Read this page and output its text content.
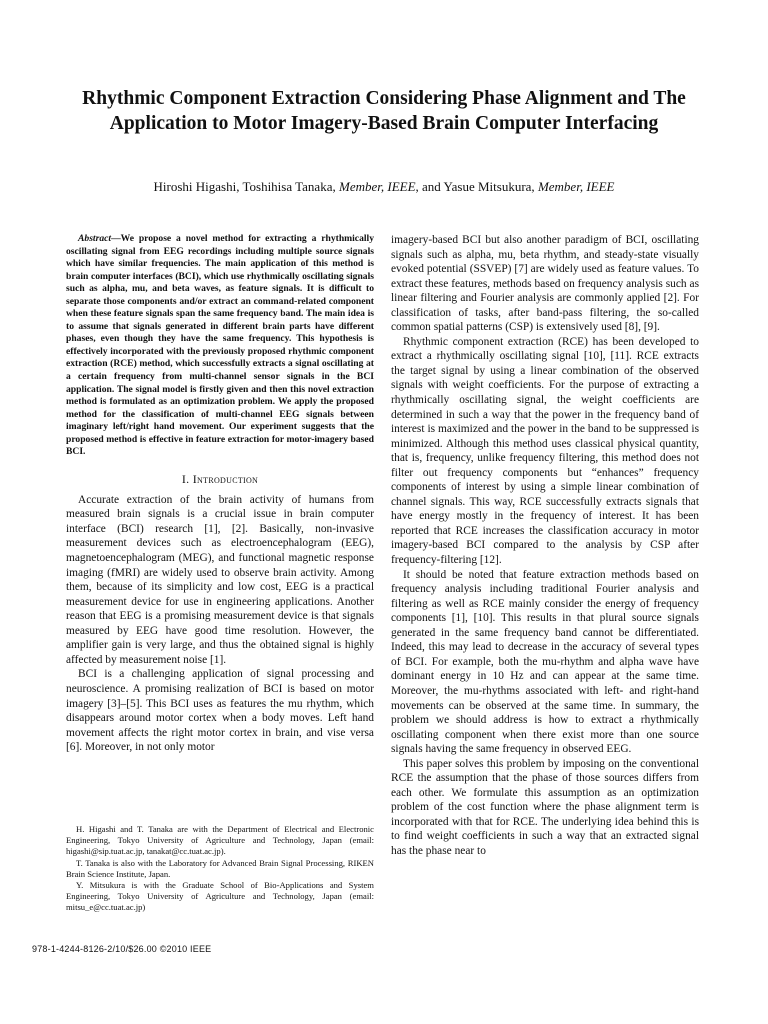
Rhythmic Component Extraction Considering Phase Alignment and The Application to Motor Imagery-Based Brain Computer Interfacing
Hiroshi Higashi, Toshihisa Tanaka, Member, IEEE, and Yasue Mitsukura, Member, IEEE

Abstract—We propose a novel method for extracting a rhythmically oscillating signal from EEG recordings including multiple source signals which have similar frequencies. The main application of this method is brain computer interfaces (BCI), which use rhythmically oscillating signals such as alpha, mu, and beta waves, as feature signals. It is difficult to separate those components and/or extract an command-related component when these feature signals span the same frequency band. The main idea is to assume that signals generated in different brain parts have different phases, even though they have the same frequency. This hypothesis is effectively incorporated with the previously proposed rhythmic component extraction (RCE) method, which successfully extracts a signal oscillating at a certain frequency from multi-channel sensor signals in the BCI application. The signal model is firstly given and then this novel extraction method is formulated as an optimization problem. We apply the proposed method for the classification of multi-channel EEG signals between imaginary left/right hand movement. Our experiment suggests that the proposed method is effective in feature extraction for motor-imagery based BCI.

I. Introduction

Accurate extraction of the brain activity of humans from measured brain signals is a crucial issue in brain computer interface (BCI) research [1], [2]. Basically, non-invasive measurement devices such as electroencephalogram (EEG), magnetoencephalogram (MEG), and functional magnetic response imaging (fMRI) are widely used to observe brain activity. Among them, because of its simplicity and low cost, EEG is a practical measurement device for use in engineering applications. Another reason that EEG is a promising measurement device is that signals measured by EEG have good time resolution. However, the amplifier gain is very large, and thus the obtained signal is highly affected by measurement noise [1].

BCI is a challenging application of signal processing and neuroscience. A promising realization of BCI is based on motor imagery [3]–[5]. This BCI uses as features the mu rhythm, which disappears around motor cortex when a body moves. Left hand movement affects the right motor cortex in brain, and vise versa [6]. Moreover, in not only motor

H. Higashi and T. Tanaka are with the Department of Electrical and Electronic Engineering, Tokyo University of Agriculture and Technology, Japan (email: higashi@sip.tuat.ac.jp, tanakat@cc.tuat.ac.jp).

T. Tanaka is also with the Laboratory for Advanced Brain Signal Processing, RIKEN Brain Science Institute, Japan.

Y. Mitsukura is with the Graduate School of Bio-Applications and System Engineering, Tokyo University of Agriculture and Technology, Japan (email: mitsu_e@cc.tuat.ac.jp)

imagery-based BCI but also another paradigm of BCI, oscillating signals such as alpha, mu, beta rhythm, and steady-state visually evoked potential (SSVEP) [7] are widely used as feature values. To extract these features, methods based on frequency analysis such as linear filtering and Fourier analysis are commonly applied [2]. For classification of tasks, after band-pass filtering, the so-called common spatial patterns (CSP) is extensively used [8], [9].

Rhythmic component extraction (RCE) has been developed to extract a rhythmically oscillating signal [10], [11]. RCE extracts the target signal by using a linear combination of the observed signals with weight coefficients. For the purpose of extracting a rhythmically oscillating signal, the weight coefficients are determined in such a way that the power in the frequency band of interest is maximized and the power in the band to be suppressed is minimized. Although this method uses classical physical quantity, that is, frequency, unlike frequency filtering, this method does not filter out frequency components but “enhances” frequency components of interest by using a simple linear combination of channel signals. This way, RCE successfully extracts signals that have energy mostly in the frequency of interest. It has been reported that RCE increases the classification accuracy in motor imagery-based BCI compared to the analysis by CSP after frequency-filtering [12].

It should be noted that feature extraction methods based on frequency analysis including traditional Fourier analysis and filtering as well as RCE mainly consider the energy of frequency components [1], [10]. This results in that plural source signals generated in the same frequency band cannot be differentiated. Indeed, this may lead to decrease in the accuracy of several types of BCI. For example, both the mu-rhythm and alpha wave have dominant energy in 10 Hz and can appear at the same time. Moreover, the mu-rhythms associated with left- and right-hand movements can be observed at the same time. In summary, the problem we should address is how to extract a rhythmically oscillating component when there exist more than one source signals having the same frequency in observed EEG.

This paper solves this problem by imposing on the conventional RCE the assumption that the phase of those sources differs from each other. We formulate this assumption as an optimization problem of the cost function where the phase alignment term is incorporated with that for RCE. The underlying idea behind this is to find weight coefficients in such a way that an extracted signal has the phase near to

978-1-4244-8126-2/10/$26.00 ©2010 IEEE
